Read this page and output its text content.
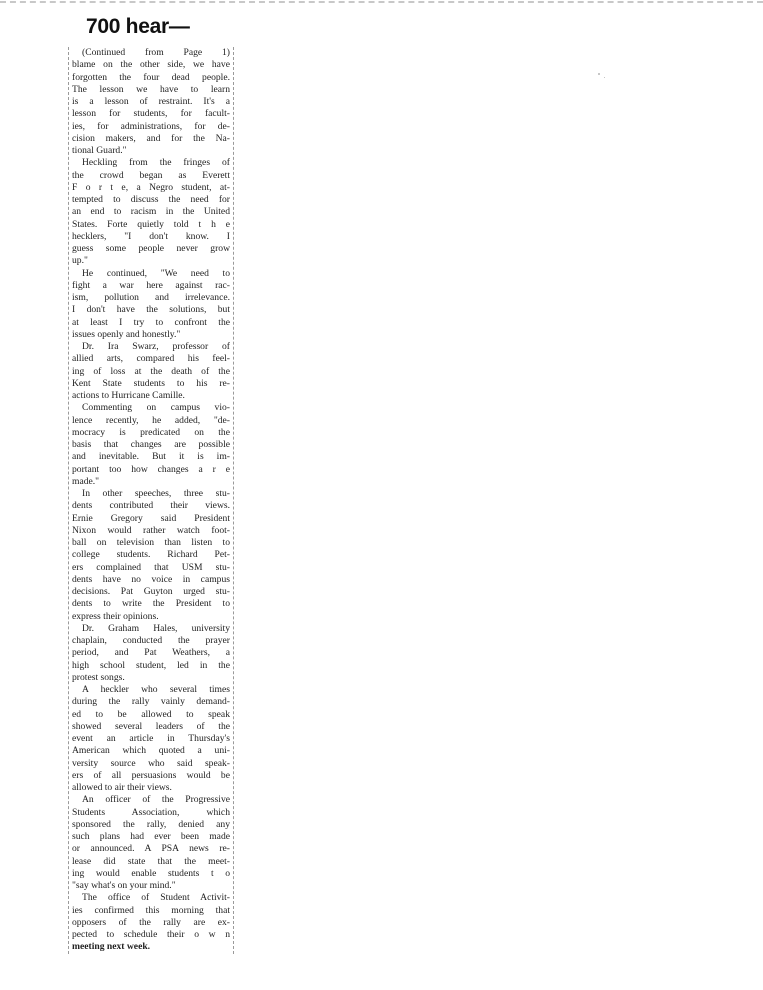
700 hear—
(Continued from Page 1)
blame on the other side, we have
forgotten the four dead people.
The lesson we have to learn
is a lesson of restraint. It's a
lesson for students, for facult-
ies, for administrations, for de-
cision makers, and for the Na-
tional Guard."
Heckling from the fringes of
the crowd began as Everett
F o r t e, a Negro student, at-
tempted to discuss the need for
an end to racism in the United
States. Forte quietly told t h e
hecklers, "I don't know. I
guess some people never grow
up."
He continued, "We need to
fight a war here against rac-
ism, pollution and irrelevance.
I don't have the solutions, but
at least I try to confront the
issues openly and honestly."
Dr. Ira Swarz, professor of
allied arts, compared his feel-
ing of loss at the death of the
Kent State students to his re-
actions to Hurricane Camille.
Commenting on campus vio-
lence recently, he added, "de-
mocracy is predicated on the
basis that changes are possible
and inevitable. But it is im-
portant too how changes a r e
made."
In other speeches, three stu-
dents contributed their views.
Ernie Gregory said President
Nixon would rather watch foot-
ball on television than listen to
college students. Richard Pet-
ers complained that USM stu-
dents have no voice in campus
decisions. Pat Guyton urged stu-
dents to write the President to
express their opinions.
Dr. Graham Hales, university
chaplain, conducted the prayer
period, and Pat Weathers, a
high school student, led in the
protest songs.
A heckler who several times
during the rally vainly demand-
ed to be allowed to speak
showed several leaders of the
event an article in Thursday's
American which quoted a uni-
versity source who said speak-
ers of all persuasions would be
allowed to air their views.
An officer of the Progressive
Students Association, which
sponsored the rally, denied any
such plans had ever been made
or announced. A PSA news re-
lease did state that the meet-
ing would enable students t o
"say what's on your mind."
The office of Student Activit-
ies confirmed this morning that
opposers of the rally are ex-
pected to schedule their o w n
meeting next week.
